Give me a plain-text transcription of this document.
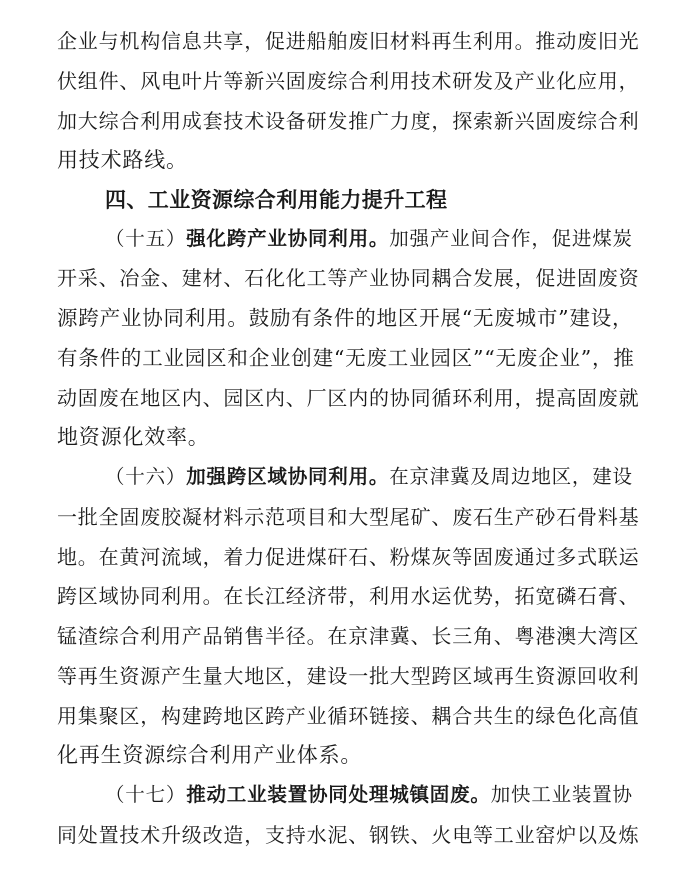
企业与机构信息共享，促进船舶废旧材料再生利用。推动废旧光
伏组件、风电叶片等新兴固废综合利用技术研发及产业化应用，
加大综合利用成套技术设备研发推广力度，探索新兴固废综合利
用技术路线。
四、工业资源综合利用能力提升工程
（十五）强化跨产业协同利用。加强产业间合作，促进煤炭
开采、冶金、建材、石化化工等产业协同耦合发展，促进固废资
源跨产业协同利用。鼓励有条件的地区开展“无废城市”建设，
有条件的工业园区和企业创建“无废工业园区”“无废企业”，推
动固废在地区内、园区内、厂区内的协同循环利用，提高固废就
地资源化效率。
（十六）加强跨区域协同利用。在京津冀及周边地区，建设
一批全固废胶凝材料示范项目和大型尾矿、废石生产砂石骨料基
地。在黄河流域，着力促进煤矸石、粉煤灰等固废通过多式联运
跨区域协同利用。在长江经济带，利用水运优势，拓宽磷石膏、
锰渣综合利用产品销售半径。在京津冀、长三角、粤港澳大湾区
等再生资源产生量大地区，建设一批大型跨区域再生资源回收利
用集聚区，构建跨地区跨产业循环链接、耦合共生的绿色化高值
化再生资源综合利用产业体系。
（十七）推动工业装置协同处理城镇固废。加快工业装置协
同处置技术升级改造，支持水泥、钢铁、火电等工业窑炉以及炼
